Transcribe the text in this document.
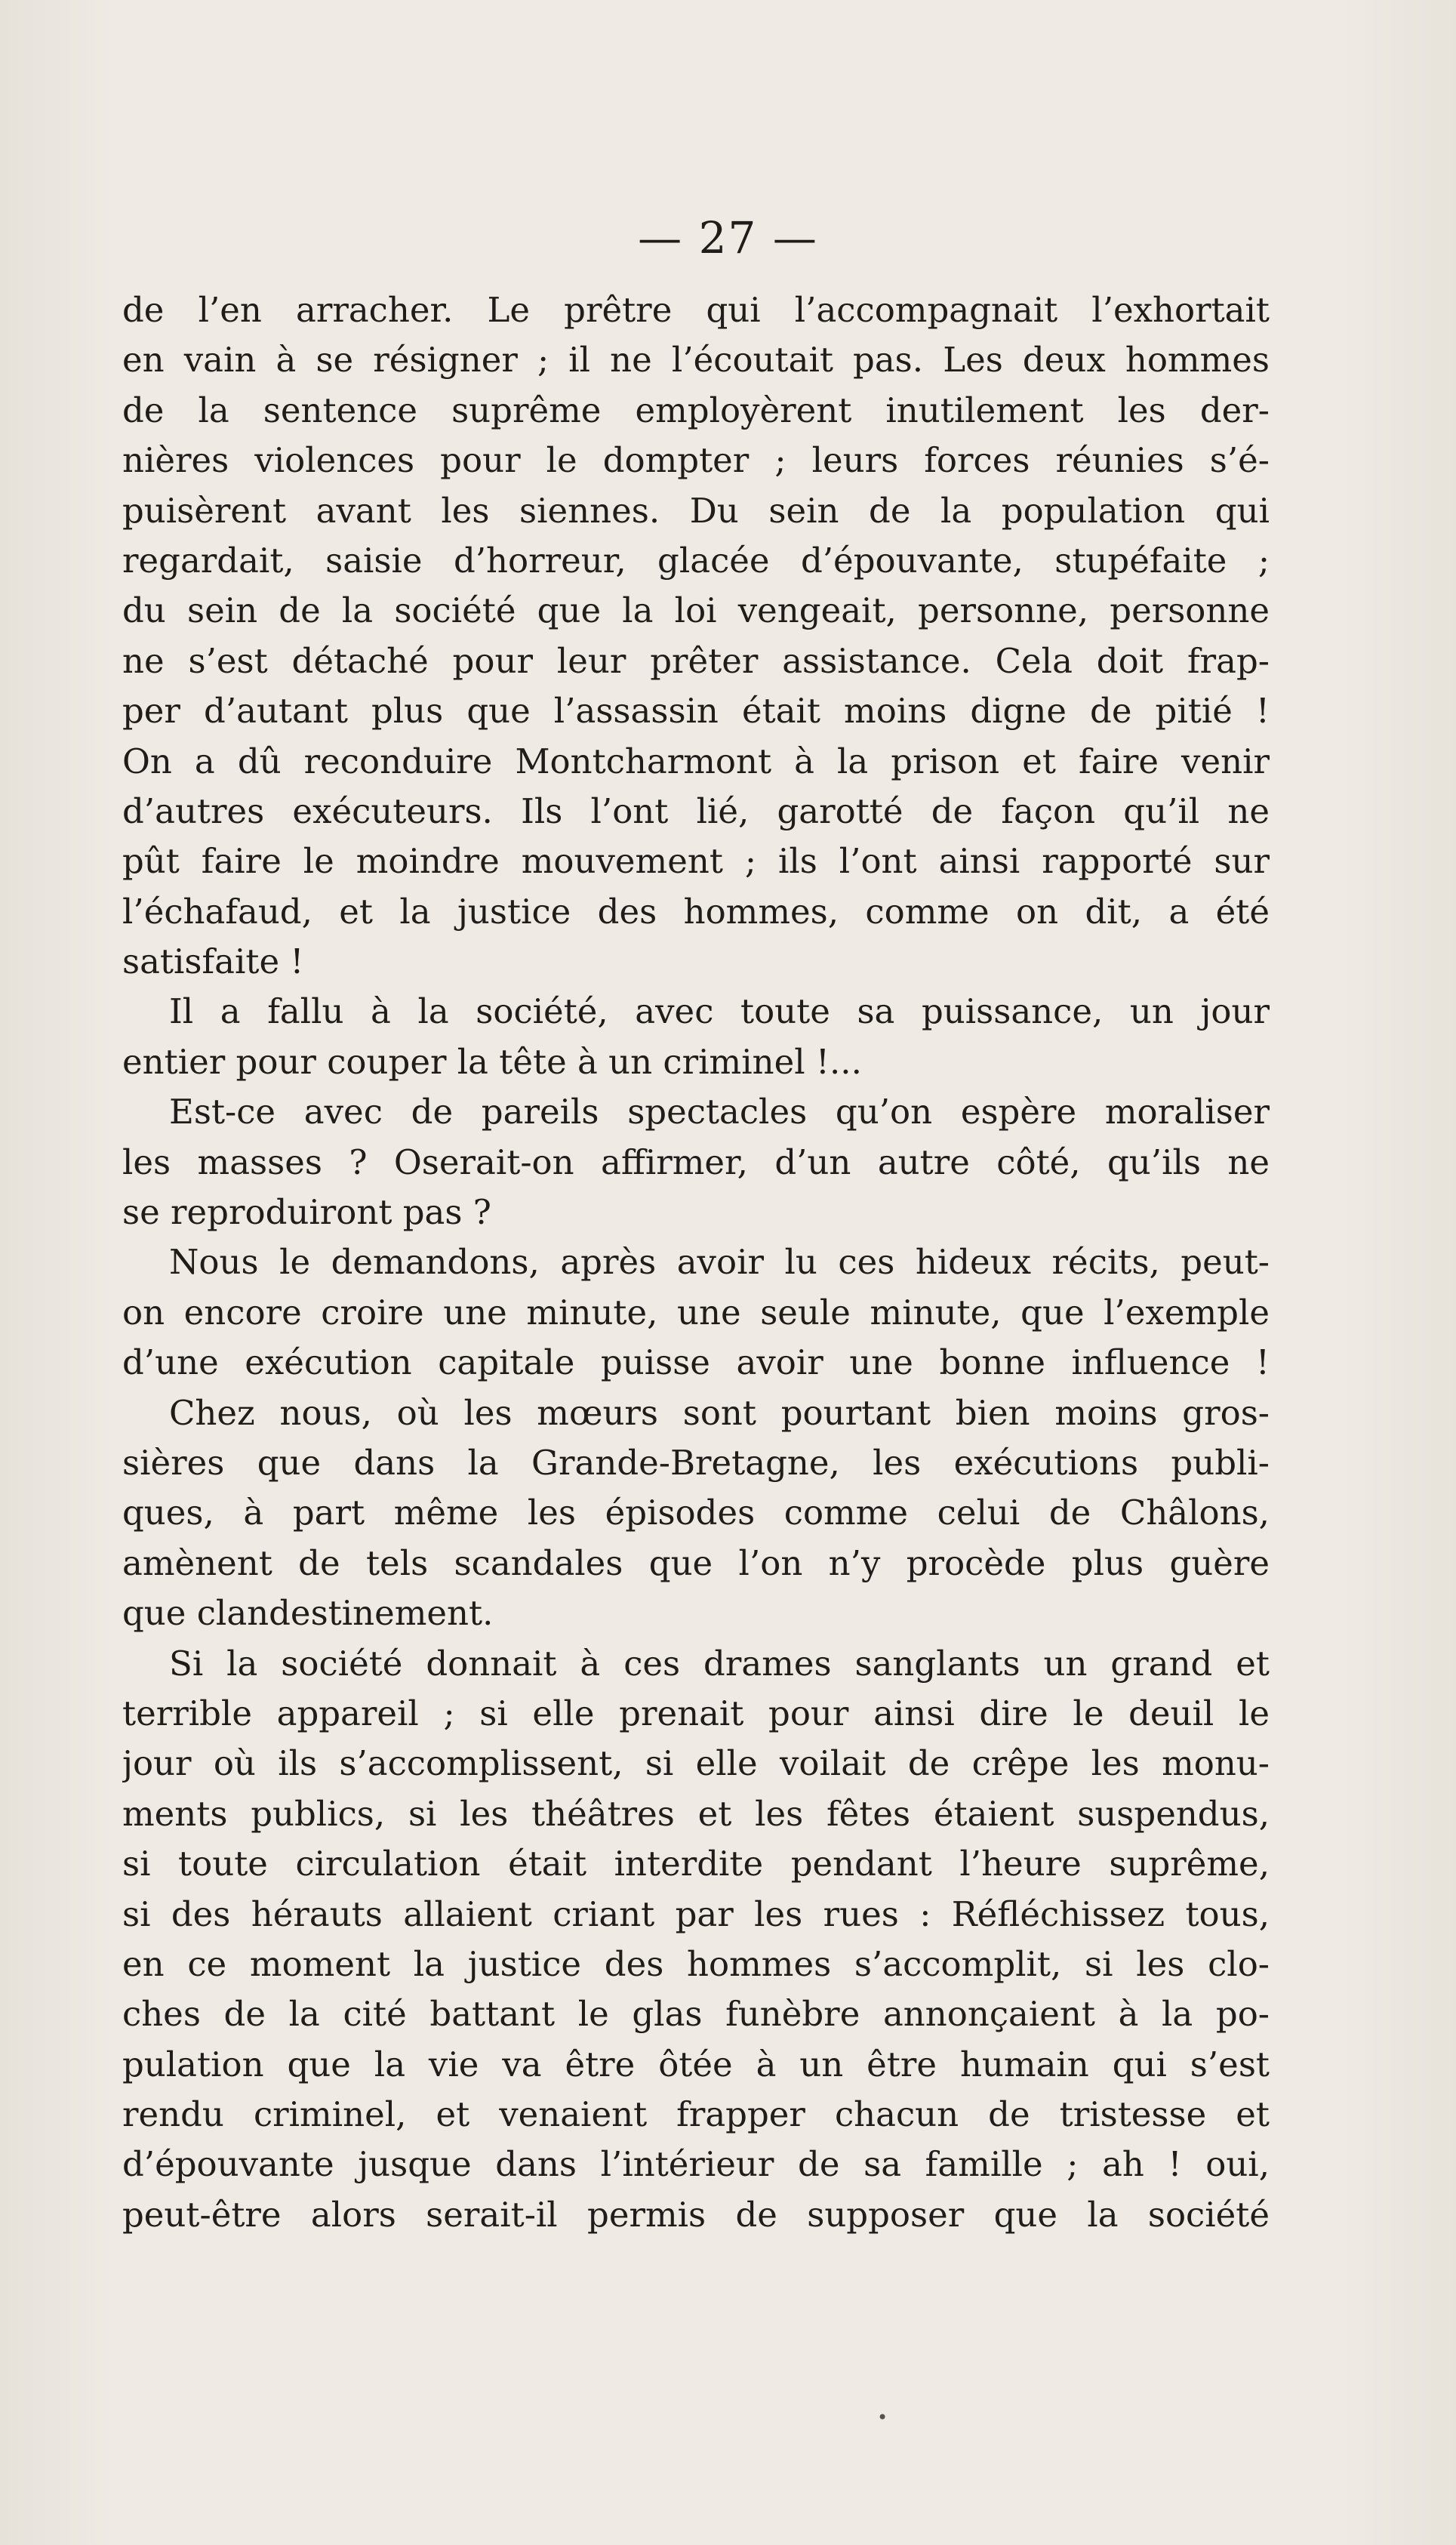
— 27 —
de l’en arracher. Le prêtre qui l’accompagnait l’exhortait
en vain à se résigner ; il ne l’écoutait pas. Les deux hommes
de la sentence suprême employèrent inutilement les der-
nières violences pour le dompter ; leurs forces réunies s’é-
puisèrent avant les siennes. Du sein de la population qui
regardait, saisie d’horreur, glacée d’épouvante, stupéfaite ;
du sein de la société que la loi vengeait, personne, personne
ne s’est détaché pour leur prêter assistance. Cela doit frap-
per d’autant plus que l’assassin était moins digne de pitié !
On a dû reconduire Montcharmont à la prison et faire venir
d’autres exécuteurs. Ils l’ont lié, garotté de façon qu’il ne
pût faire le moindre mouvement ; ils l’ont ainsi rapporté sur
l’échafaud, et la justice des hommes, comme on dit, a été
satisfaite !
Il a fallu à la société, avec toute sa puissance, un jour
entier pour couper la tête à un criminel !...
Est-ce avec de pareils spectacles qu’on espère moraliser
les masses ? Oserait-on affirmer, d’un autre côté, qu’ils ne
se reproduiront pas ?
Nous le demandons, après avoir lu ces hideux récits, peut-
on encore croire une minute, une seule minute, que l’exemple
d’une exécution capitale puisse avoir une bonne influence !
Chez nous, où les mœurs sont pourtant bien moins gros-
sières que dans la Grande-Bretagne, les exécutions publi-
ques, à part même les épisodes comme celui de Châlons,
amènent de tels scandales que l’on n’y procède plus guère
que clandestinement.
Si la société donnait à ces drames sanglants un grand et
terrible appareil ; si elle prenait pour ainsi dire le deuil le
jour où ils s’accomplissent, si elle voilait de crêpe les monu-
ments publics, si les théâtres et les fêtes étaient suspendus,
si toute circulation était interdite pendant l’heure suprême,
si des hérauts allaient criant par les rues : Réfléchissez tous,
en ce moment la justice des hommes s’accomplit, si les clo-
ches de la cité battant le glas funèbre annonçaient à la po-
pulation que la vie va être ôtée à un être humain qui s’est
rendu criminel, et venaient frapper chacun de tristesse et
d’épouvante jusque dans l’intérieur de sa famille ; ah ! oui,
peut-être alors serait-il permis de supposer que la société
•
